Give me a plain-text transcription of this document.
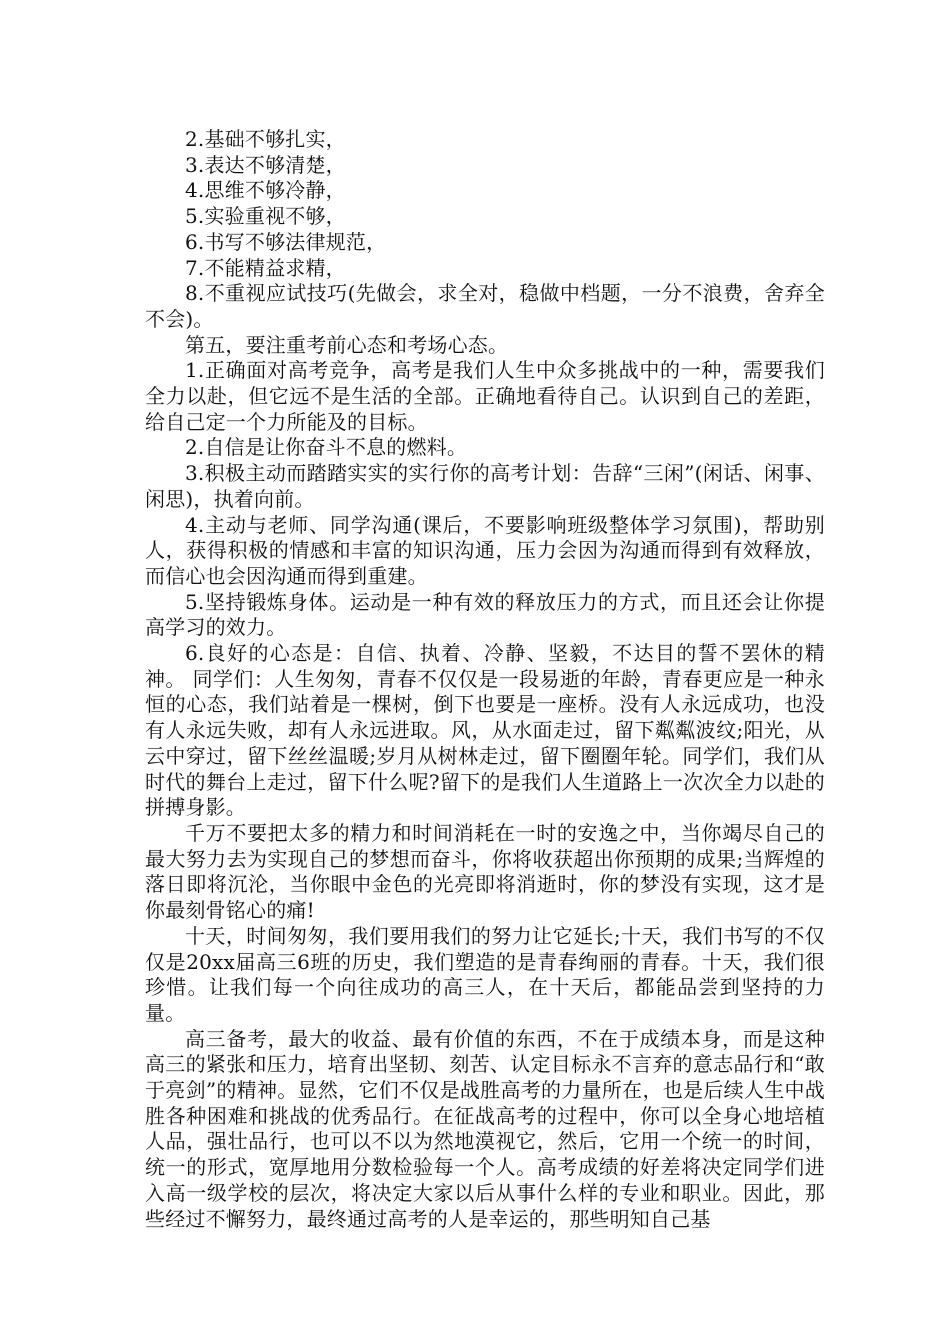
2.基础不够扎实，

3.表达不够清楚，

4.思维不够冷静，

5.实验重视不够，

6.书写不够法律规范，

7.不能精益求精，

8.不重视应试技巧(先做会，求全对，稳做中档题，一分不浪费，舍弃全不会)。

第五，要注重考前心态和考场心态。

1.正确面对高考竞争，高考是我们人生中众多挑战中的一种，需要我们全力以赴，但它远不是生活的全部。正确地看待自己。认识到自己的差距，给自己定一个力所能及的目标。

2.自信是让你奋斗不息的燃料。

3.积极主动而踏踏实实的实行你的高考计划：告辞“三闲”(闲话、闲事、闲思)，执着向前。

4.主动与老师、同学沟通(课后，不要影响班级整体学习氛围)，帮助别人，获得积极的情感和丰富的知识沟通，压力会因为沟通而得到有效释放，而信心也会因沟通而得到重建。

5.坚持锻炼身体。运动是一种有效的释放压力的方式，而且还会让你提高学习的效力。

6.良好的心态是：自信、执着、冷静、坚毅，不达目的誓不罢休的精神。 同学们：人生匆匆，青春不仅仅是一段易逝的年龄，青春更应是一种永恒的心态，我们站着是一棵树，倒下也要是一座桥。没有人永远成功，也没有人永远失败，却有人永远进取。风，从水面走过，留下粼粼波纹;阳光，从云中穿过，留下丝丝温暖;岁月从树林走过，留下圈圈年轮。同学们，我们从时代的舞台上走过，留下什么呢?留下的是我们人生道路上一次次全力以赴的拼搏身影。

千万不要把太多的精力和时间消耗在一时的安逸之中，当你竭尽自己的最大努力去为实现自己的梦想而奋斗，你将收获超出你预期的成果;当辉煌的落日即将沉沦，当你眼中金色的光亮即将消逝时，你的梦没有实现，这才是你最刻骨铭心的痛!

十天，时间匆匆，我们要用我们的努力让它延长;十天，我们书写的不仅仅是20xx届高三6班的历史，我们塑造的是青春绚丽的青春。十天，我们很珍惜。让我们每一个向往成功的高三人，在十天后，都能品尝到坚持的力量。

高三备考，最大的收益、最有价值的东西，不在于成绩本身，而是这种高三的紧张和压力，培育出坚韧、刻苦、认定目标永不言弃的意志品行和“敢于亮剑”的精神。显然，它们不仅是战胜高考的力量所在，也是后续人生中战胜各种困难和挑战的优秀品行。在征战高考的过程中，你可以全身心地培植人品，强壮品行，也可以不以为然地漠视它，然后，它用一个统一的时间，统一的形式，宽厚地用分数检验每一个人。高考成绩的好差将决定同学们进入高一级学校的层次，将决定大家以后从事什么样的专业和职业。因此，那些经过不懈努力，最终通过高考的人是幸运的，那些明知自己基
